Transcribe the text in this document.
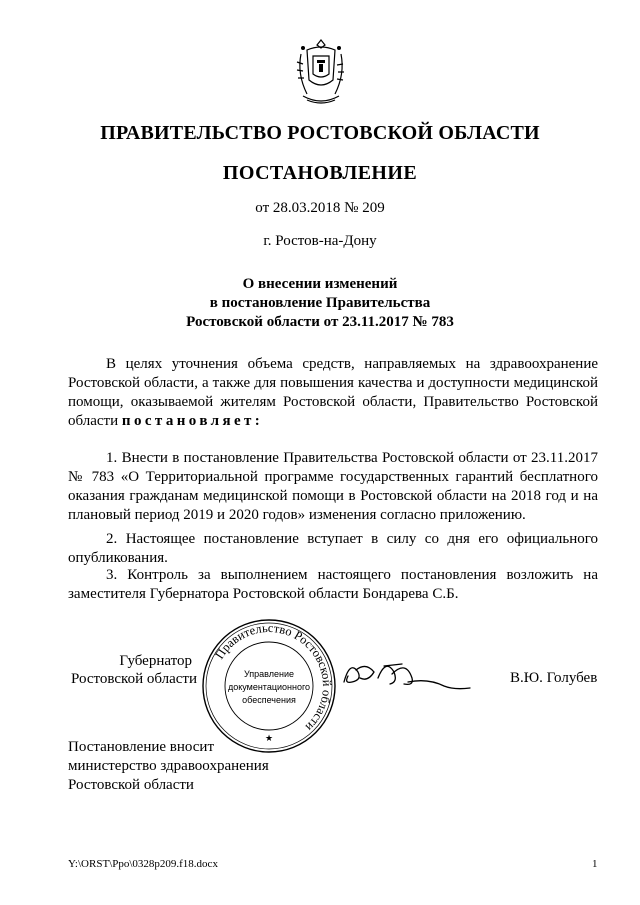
ПРАВИТЕЛЬСТВО РОСТОВСКОЙ ОБЛАСТИ
ПОСТАНОВЛЕНИЕ
от 28.03.2018 № 209
г. Ростов-на-Дону
О внесении изменений
в постановление Правительства
Ростовской области от 23.11.2017 № 783

В целях уточнения объема средств, направляемых на здравоохранение Ростовской области, а также для повышения качества и доступности медицинской помощи, оказываемой жителям Ростовской области, Правительство Ростовской области постановляет:

1. Внести в постановление Правительства Ростовской области от 23.11.2017 № 783 «О Территориальной программе государственных гарантий бесплатного оказания гражданам медицинской помощи в Ростовской области на 2018 год и на плановый период 2019 и 2020 годов» изменения согласно приложению.

2. Настоящее постановление вступает в силу со дня его официального опубликования.

3. Контроль за выполнением настоящего постановления возложить на заместителя Губернатора Ростовской области Бондарева С.Б.

Губернатор
Ростовской области
Правительство Ростовской области
Управление
документационного
обеспечения
★
В.Ю. Голубев
Постановление вносит
министерство здравоохранения
Ростовской области
Y:\ORST\Ppo\0328p209.f18.docx	1
